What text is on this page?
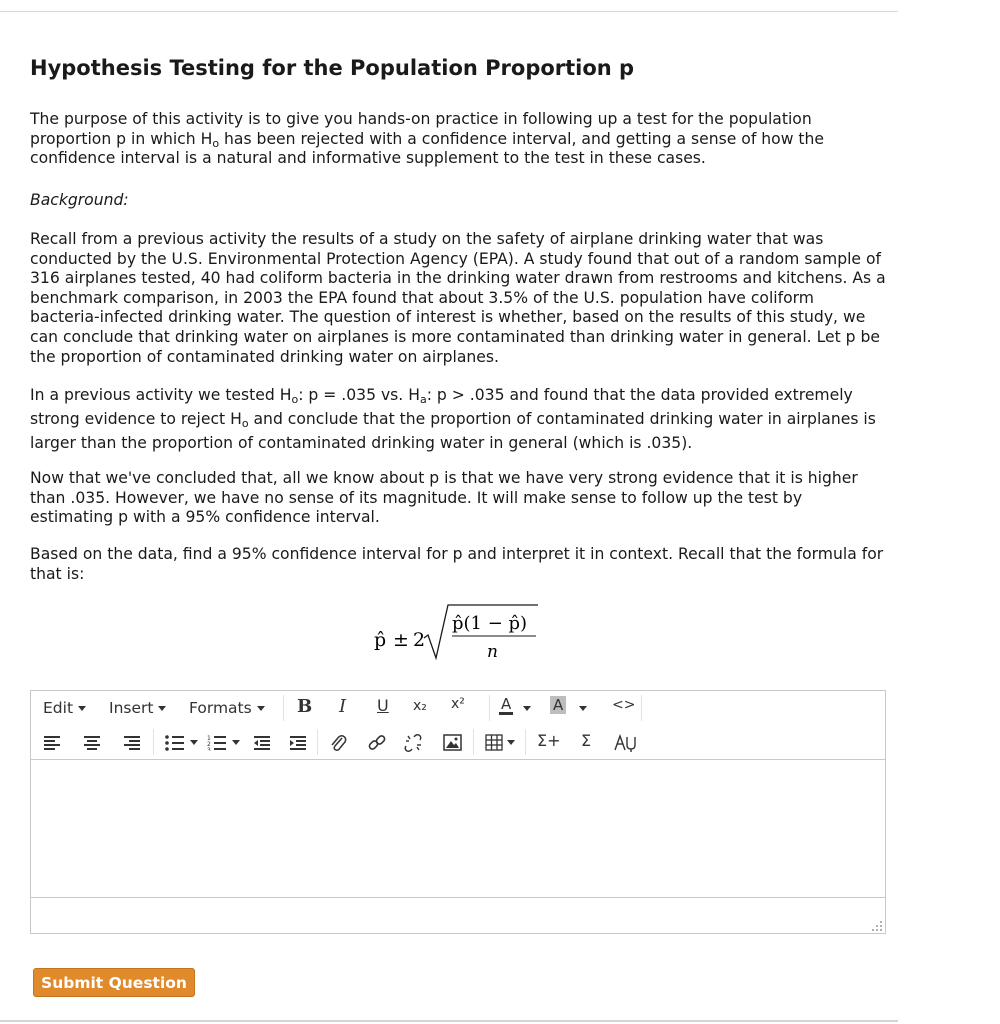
Hypothesis Testing for the Population Proportion p

The purpose of this activity is to give you hands-on practice in following up a test for the population proportion p in which $H_o$ has been rejected with a confidence interval, and getting a sense of how the confidence interval is a natural and informative supplement to the test in these cases.

Background:

Recall from a previous activity the results of a study on the safety of airplane drinking water that was conducted by the U.S. Environmental Protection Agency (EPA). A study found that out of a random sample of 316 airplanes tested, 40 had coliform bacteria in the drinking water drawn from restrooms and kitchens. As a benchmark comparison, in 2003 the EPA found that about 3.5% of the U.S. population have coliform bacteria-infected drinking water. The question of interest is whether, based on the results of this study, we can conclude that drinking water on airplanes is more contaminated than drinking water in general. Let p be the proportion of contaminated drinking water on airplanes.

In a previous activity we tested $H_o$: p = .035 vs. $H_a$: p > .035 and found that the data provided extremely strong evidence to reject $H_o$ and conclude that the proportion of contaminated drinking water in airplanes is larger than the proportion of contaminated drinking water in general (which is .035).

Now that we've concluded that, all we know about p is that we have very strong evidence that it is higher than .035. However, we have no sense of its magnitude. It will make sense to follow up the test by estimating p with a 95% confidence interval.

Based on the data, find a 95% confidence interval for p and interpret it in context. Recall that the formula for that is:

p̂ ± 2
p̂(1 − p̂)
n
Edit	Insert	Formats	B I U x₂ x² A	A	<>
1
2
3
Σ+ Σ
Submit Question
